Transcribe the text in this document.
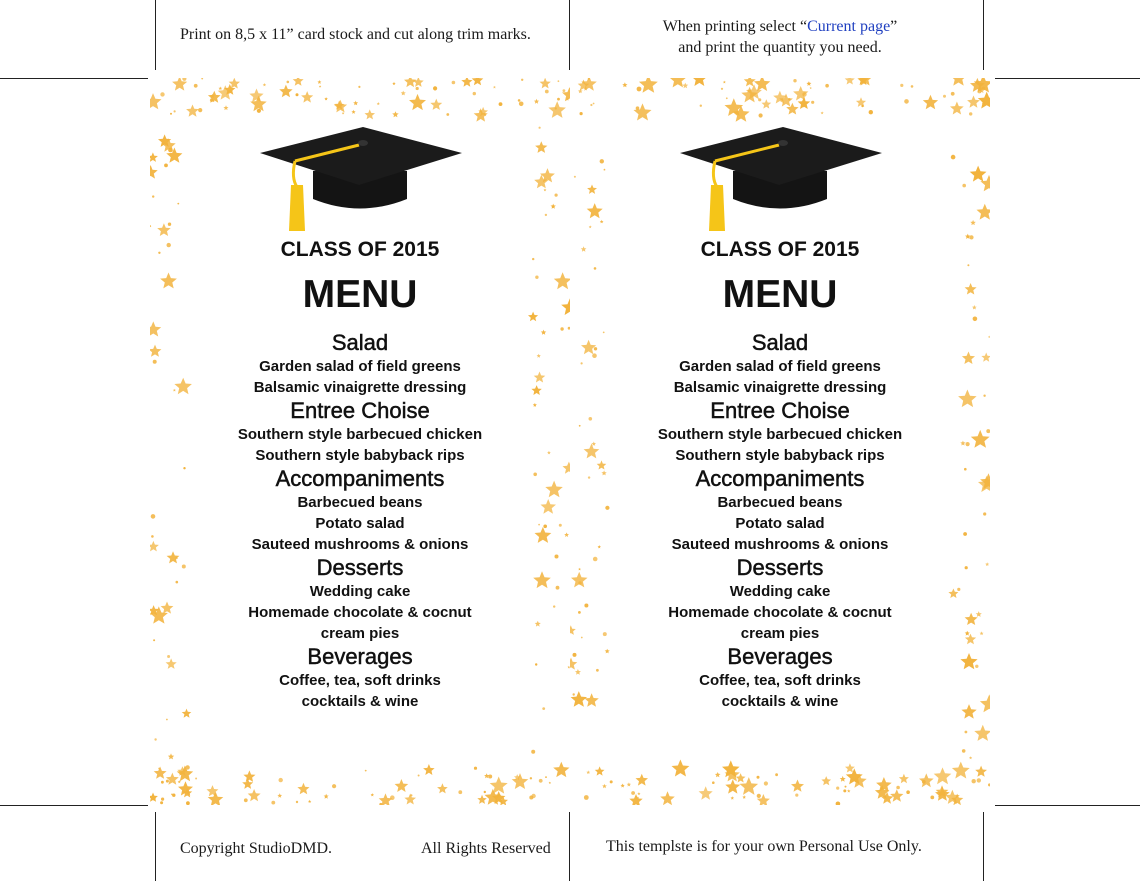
Print on 8,5 x 11” card stock and cut along trim marks.	When printing select “Current page”
and print the quantity you need.
Copyright StudioDMD.	All Rights Reserved	This templste is for your own Personal Use Only.
CLASS OF 2015
MENU
Salad
Garden salad of field greens
Balsamic vinaigrette dressing
Entree Choise
Southern style barbecued chicken
Southern style babyback rips
Accompaniments
Barbecued beans
Potato salad
Sauteed mushrooms & onions
Desserts
Wedding cake
Homemade chocolate & cocnut
cream pies
Beverages
Coffee, tea, soft drinks
cocktails & wine
CLASS OF 2015
MENU
Salad
Garden salad of field greens
Balsamic vinaigrette dressing
Entree Choise
Southern style barbecued chicken
Southern style babyback rips
Accompaniments
Barbecued beans
Potato salad
Sauteed mushrooms & onions
Desserts
Wedding cake
Homemade chocolate & cocnut
cream pies
Beverages
Coffee, tea, soft drinks
cocktails & wine
